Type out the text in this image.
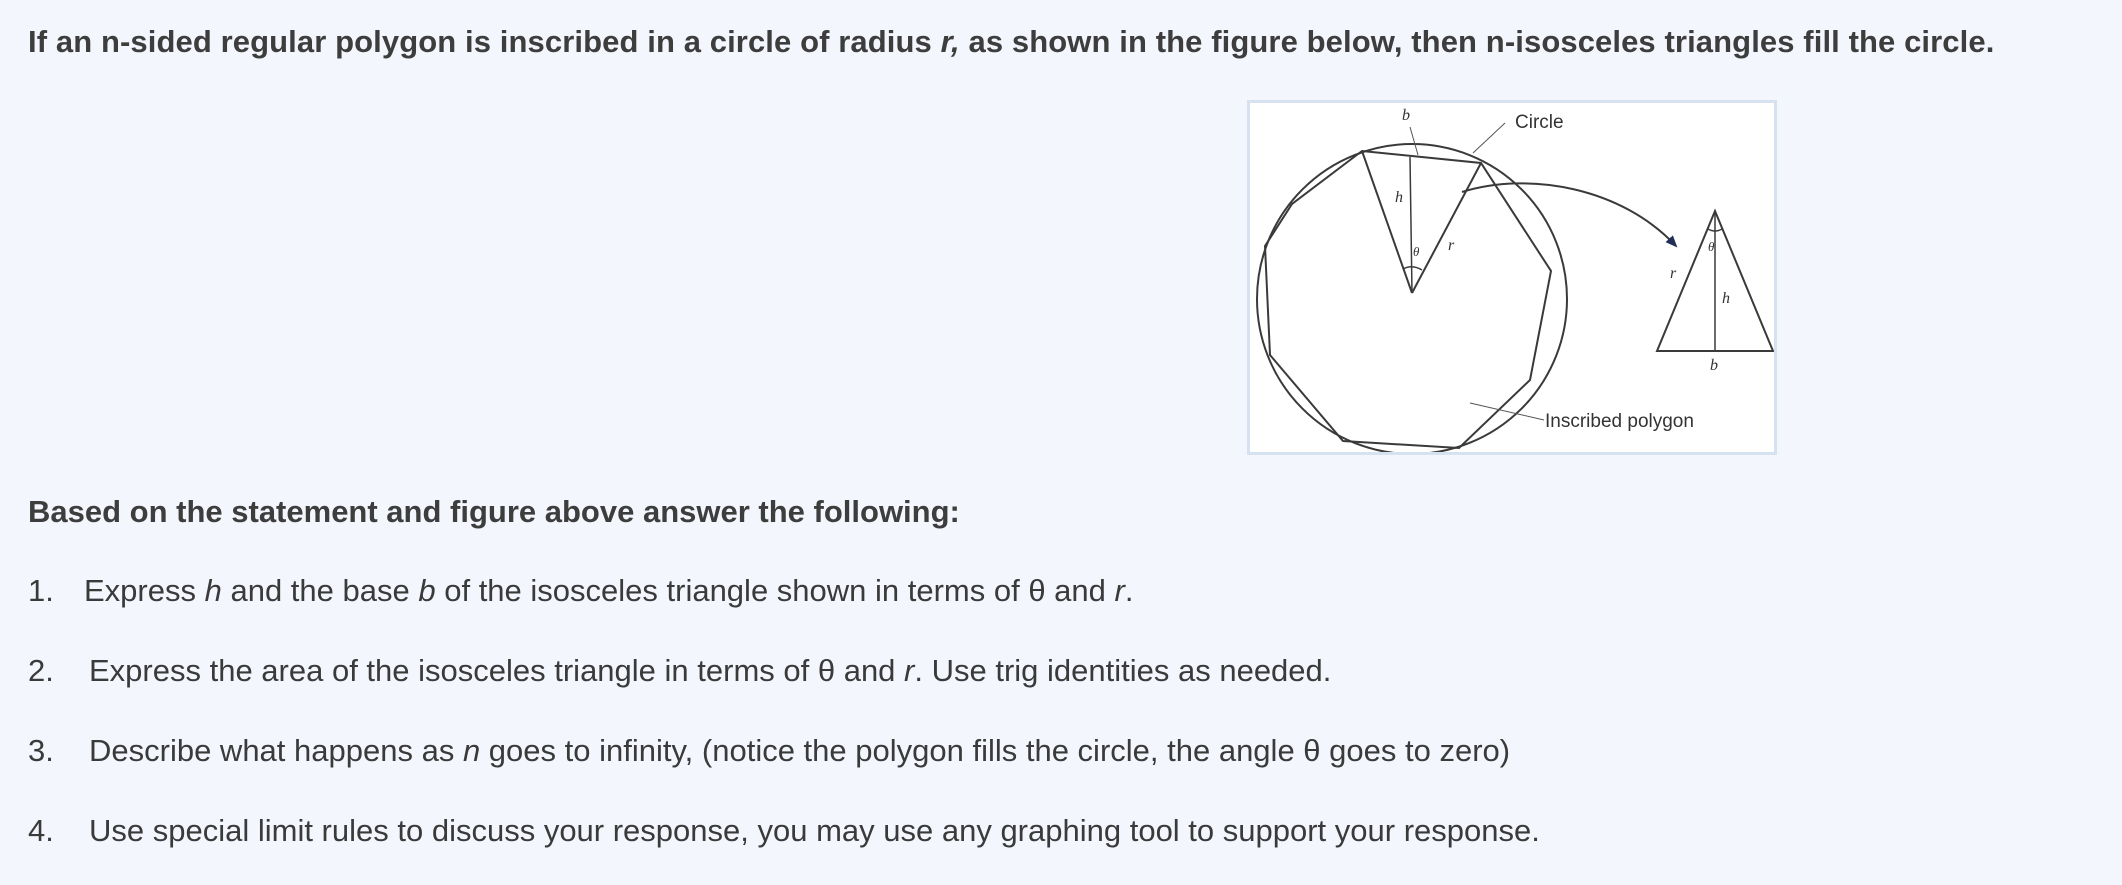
If an n-sided regular polygon is inscribed in a circle of radius r, as shown in the figure below, then n-isosceles triangles fill the circle.
Circle
Inscribed polygon
b
h
r
θ	θ
h
r
b
Based on the statement and figure above answer the following:
1. Express h and the base b of the isosceles triangle shown in terms of θ and r.
2. Express the area of the isosceles triangle in terms of θ and r. Use trig identities as needed.
3. Describe what happens as n goes to infinity, (notice the polygon fills the circle, the angle θ goes to zero)
4. Use special limit rules to discuss your response, you may use any graphing tool to support your response.
